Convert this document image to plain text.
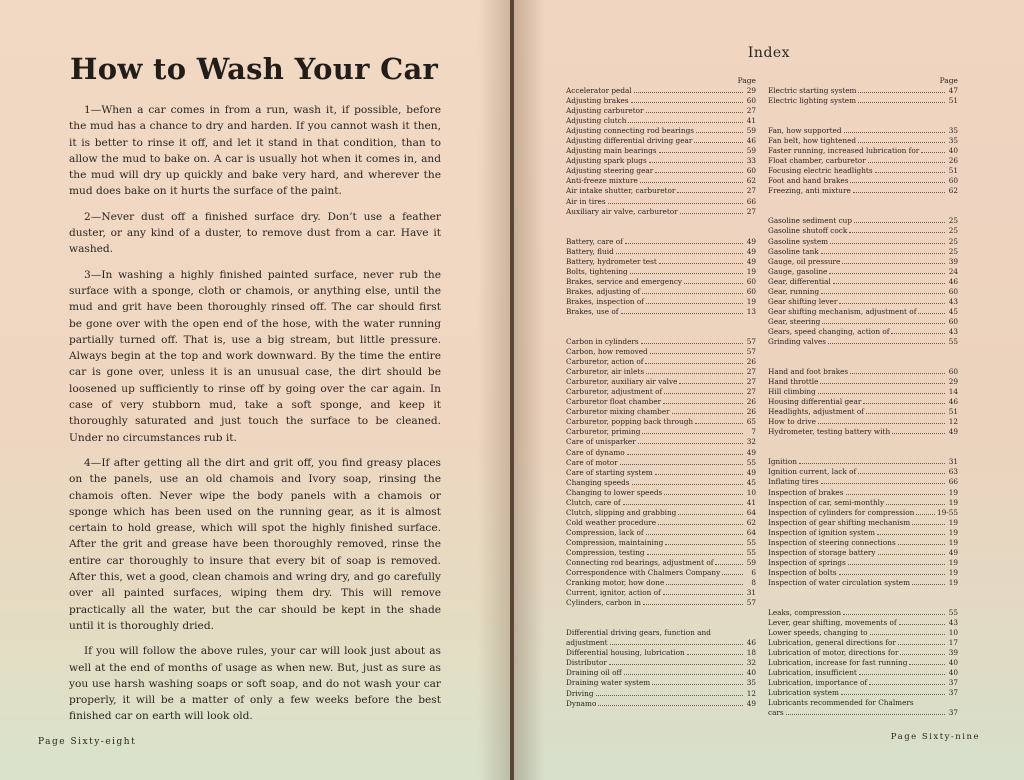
How to Wash Your Car

1—When a car comes in from a run, wash it, if possible, before the mud has a chance to dry and harden. If you cannot wash it then, it is better to rinse it off, and let it stand in that condition, than to allow the mud to bake on. A car is usually hot when it comes in, and the mud will dry up quickly and bake very hard, and wherever the mud does bake on it hurts the surface of the paint.

2—Never dust off a finished surface dry. Don’t use a feather duster, or any kind of a duster, to remove dust from a car. Have it washed.

3—In washing a highly finished painted surface, never rub the surface with a sponge, cloth or chamois, or anything else, until the mud and grit have been thoroughly rinsed off. The car should first be gone over with the open end of the hose, with the water running partially turned off. That is, use a big stream, but little pressure. Always begin at the top and work downward. By the time the entire car is gone over, unless it is an unusual case, the dirt should be loosened up sufficiently to rinse off by going over the car again. In case of very stubborn mud, take a soft sponge, and keep it thoroughly saturated and just touch the surface to be cleaned. Under no circumstances rub it.

4—If after getting all the dirt and grit off, you find greasy places on the panels, use an old chamois and Ivory soap, rinsing the chamois often. Never wipe the body panels with a chamois or sponge which has been used on the running gear, as it is almost certain to hold grease, which will spot the highly finished surface. After the grit and grease have been thoroughly removed, rinse the entire car thoroughly to insure that every bit of soap is removed. After this, wet a good, clean chamois and wring dry, and go carefully over all painted surfaces, wiping them dry. This will remove practically all the water, but the car should be kept in the shade until it is thoroughly dried.

If you will follow the above rules, your car will look just about as well at the end of months of usage as when new. But, just as sure as you use harsh washing soaps or soft soap, and do not wash your car properly, it will be a matter of only a few weeks before the best finished car on earth will look old.

Page Sixty-eight
Index
Page
Accelerator pedal	29
Adjusting brakes	60
Adjusting carburetor	27
Adjusting clutch	41
Adjusting connecting rod bearings	59
Adjusting differential driving gear	46
Adjusting main bearings	59
Adjusting spark plugs	33
Adjusting steering gear	60
Anti-freeze mixture	62
Air intake shutter, carburetor	27
Air in tires	66
Auxiliary air valve, carburetor	27
Battery, care of	49
Battery, fluid	49
Battery, hydrometer test	49
Bolts, tightening	19
Brakes, service and emergency	60
Brakes, adjusting of	60
Brakes, inspection of	19
Brakes, use of	13
Carbon in cylinders	57
Carbon, how removed	57
Carburetor, action of	26
Carburetor, air inlets	27
Carburetor, auxiliary air valve	27
Carburetor, adjustment of	27
Carburetor float chamber	26
Carburetor mixing chamber	26
Carburetor, popping back through	65
Carburetor, priming	7
Care of unisparker	32
Care of dynamo	49
Care of motor	55
Care of starting system	49
Changing speeds	45
Changing to lower speeds	10
Clutch, care of	41
Clutch, slipping and grabbing	64
Cold weather procedure	62
Compression, lack of	64
Compression, maintaining	55
Compression, testing	55
Connecting rod bearings, adjustment of	59
Correspondence with Chalmers Company	6
Cranking motor, how done	8
Current, ignitor, action of	31
Cylinders, carbon in	57
Differential driving gears, function and
adjustment	46
Differential housing, lubrication	18
Distributor	32
Draining oil off	40
Draining water system	35
Driving	12
Dynamo	49
Page
Electric starting system	47
Electric lighting system	51
Fan, how supported	35
Fan belt, how tightened	35
Faster running, increased lubrication for	40
Float chamber, carburetor	26
Focusing electric headlights	51
Foot and hand brakes	60
Freezing, anti mixture	62
Gasoline sediment cup	25
Gasoline shutoff cock	25
Gasoline system	25
Gasoline tank	25
Gauge, oil pressure	39
Gauge, gasoline	24
Gear, differential	46
Gear, running	60
Gear shifting lever	43
Gear shifting mechanism, adjustment of	45
Gear, steering	60
Gears, speed changing, action of	43
Grinding valves	55
Hand and foot brakes	60
Hand throttle	29
Hill climbing	14
Housing differential gear	46
Headlights, adjustment of	51
How to drive	12
Hydrometer, testing battery with	49
Ignition	31
Ignition current, lack of	63
Inflating tires	66
Inspection of brakes	19
Inspection of car, semi-monthly	19
Inspection of cylinders for compression	19-55
Inspection of gear shifting mechanism	19
Inspection of ignition system	19
Inspection of steering connections	19
Inspection of storage battery	49
Inspection of springs	19
Inspection of bolts	19
Inspection of water circulation system	19
Leaks, compression	55
Lever, gear shifting, movements of	43
Lower speeds, changing to	10
Lubrication, general directions for	17
Lubrication of motor, directions for	39
Lubrication, increase for fast running	40
Lubrication, insufficient	40
Lubrication, importance of	37
Lubrication system	37
Lubricants recommended for Chalmers
cars	37
Page Sixty-nine
